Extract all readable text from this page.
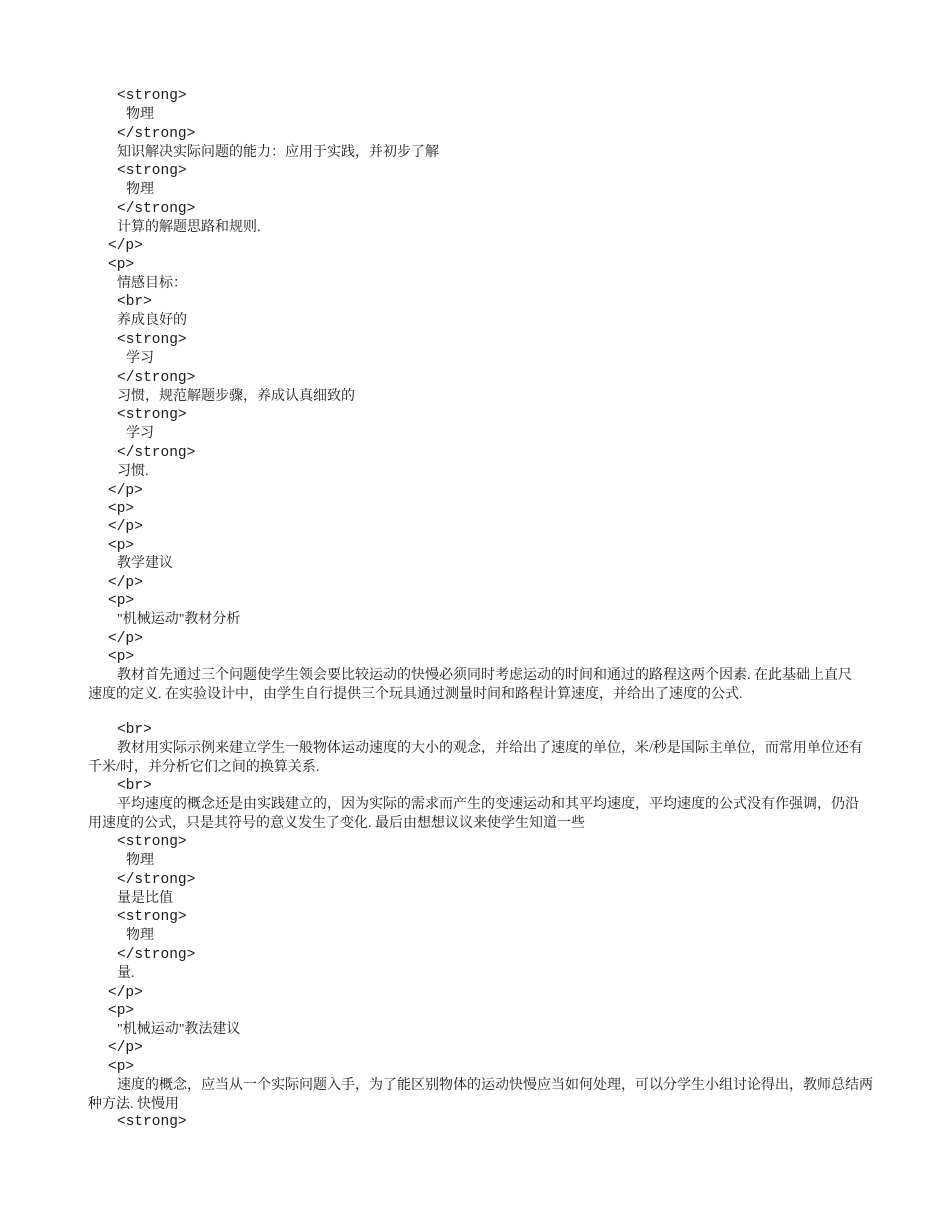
<strong>
物理
</strong>
知识解决实际问题的能力：应用于实践，并初步了解
<strong>
物理
</strong>
计算的解题思路和规则.
</p>
<p>
情感目标：
<br>
养成良好的
<strong>
学习
</strong>
习惯，规范解题步骤，养成认真细致的
<strong>
学习
</strong>
习惯.
</p>
<p>
</p>
<p>
教学建议
</p>
<p>
"机械运动"教材分析
</p>
<p>
教材首先通过三个问题使学生领会要比较运动的快慢必须同时考虑运动的时间和通过的路程这两个因素. 在此基础上直尺速度的定义. 在实验设计中，由学生自行提供三个玩具通过测量时间和路程计算速度，并给出了速度的公式.
<br>
教材用实际示例来建立学生一般物体运动速度的大小的观念，并给出了速度的单位，米/秒是国际主单位，而常用单位还有千米/时，并分析它们之间的换算关系.
<br>
平均速度的概念还是由实践建立的，因为实际的需求而产生的变速运动和其平均速度，平均速度的公式没有作强调，仍沿用速度的公式，只是其符号的意义发生了变化. 最后由想想议议来使学生知道一些
<strong>
物理
</strong>
量是比值
<strong>
物理
</strong>
量.
</p>
<p>
"机械运动"教法建议
</p>
<p>
速度的概念，应当从一个实际问题入手，为了能区别物体的运动快慢应当如何处理，可以分学生小组讨论得出，教师总结两种方法. 快慢用
<strong>
